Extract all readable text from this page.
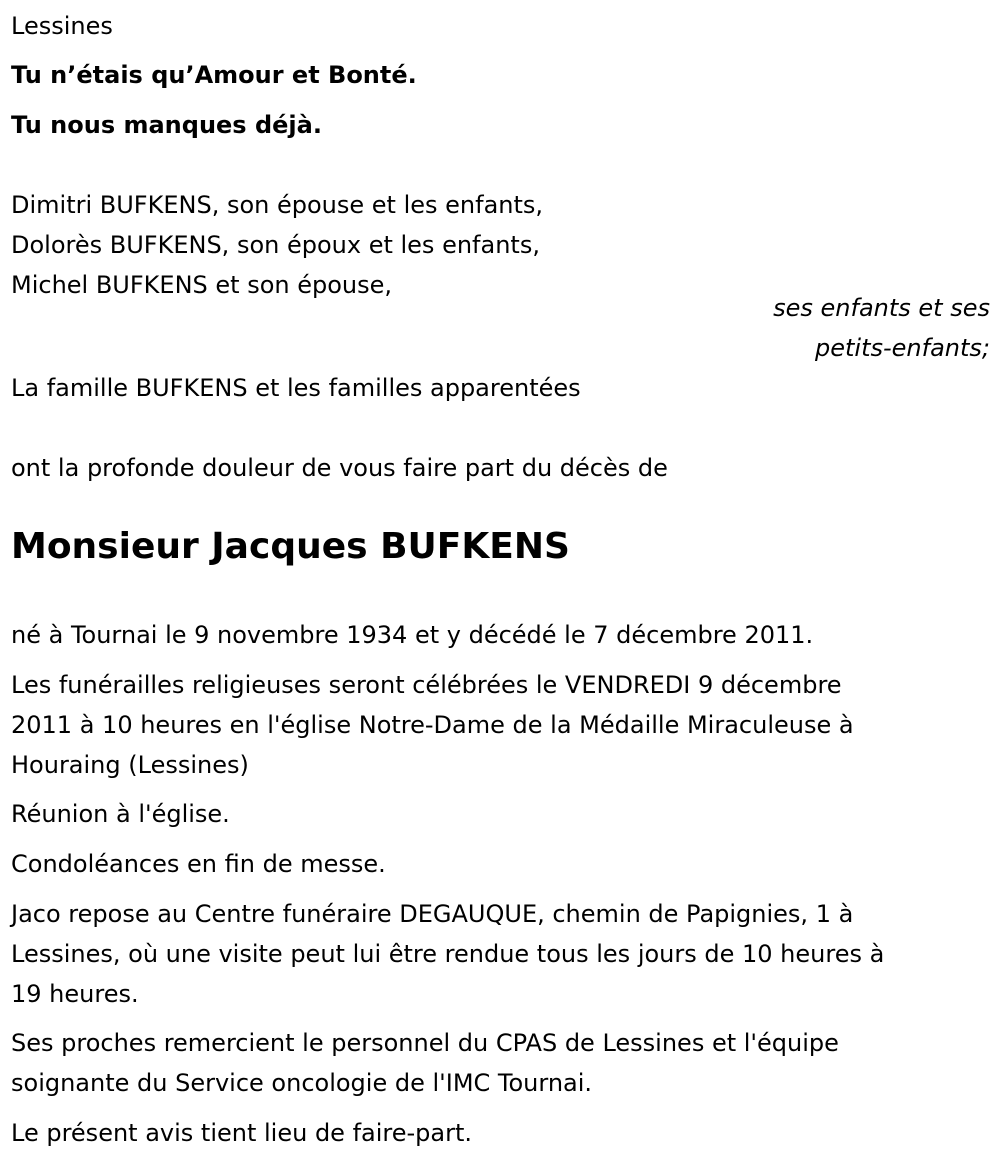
Lessines
Tu n’étais qu’Amour et Bonté.
Tu nous manques déjà.
Dimitri BUFKENS, son épouse et les enfants,
Dolorès BUFKENS, son époux et les enfants,
Michel BUFKENS et son épouse,
ses enfants et ses
petits-enfants;
La famille BUFKENS et les familles apparentées
ont la profonde douleur de vous faire part du décès de
Monsieur Jacques BUFKENS
né à Tournai le 9 novembre 1934 et y décédé le 7 décembre 2011.
Les funérailles religieuses seront célébrées le VENDREDI 9 décembre
2011 à 10 heures en l'église Notre-Dame de la Médaille Miraculeuse à
Houraing (Lessines)
Réunion à l'église.
Condoléances en fin de messe.
Jaco repose au Centre funéraire DEGAUQUE, chemin de Papignies, 1 à
Lessines, où une visite peut lui être rendue tous les jours de 10 heures à
19 heures.
Ses proches remercient le personnel du CPAS de Lessines et l'équipe
soignante du Service oncologie de l'IMC Tournai.
Le présent avis tient lieu de faire-part.
